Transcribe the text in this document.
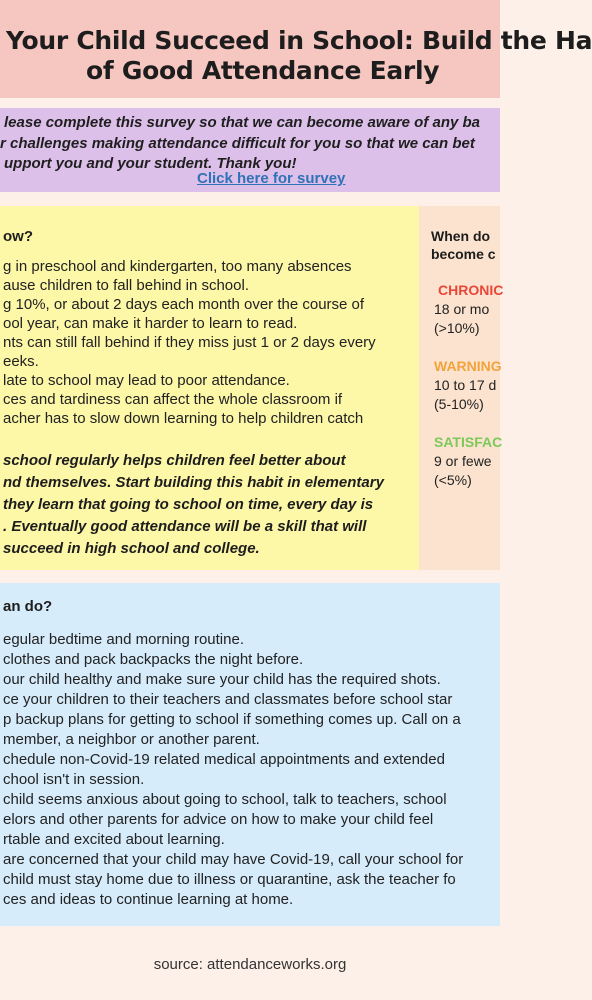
Your Child Succeed in School: Build the Ha
of Good Attendance Early
lease complete this survey so that we can become aware of any ba
r challenges making attendance difficult for you so that we can bet
upport you and your student. Thank you!
Click here for survey
ow?
g in preschool and kindergarten, too many absences
ause children to fall behind in school.
g 10%, or about 2 days each month over the course of
ool year, can make it harder to learn to read.
nts can still fall behind if they miss just 1 or 2 days every
eeks.
late to school may lead to poor attendance.
ces and tardiness can affect the whole classroom if
acher has to slow down learning to help children catch
school regularly helps children feel better about
nd themselves. Start building this habit in elementary
they learn that going to school on time, every day is
. Eventually good attendance will be a skill that will
succeed in high school and college.
When do
become c
CHRONIC
18 or mo
(>10%)
WARNING
10 to 17 d
(5-10%)
SATISFAC
9 or fewe
(<5%)
an do?
egular bedtime and morning routine.
clothes and pack backpacks the night before.
our child healthy and make sure your child has the required shots.
ce your children to their teachers and classmates before school star
p backup plans for getting to school if something comes up. Call on a
member, a neighbor or another parent.
chedule non-Covid-19 related medical appointments and extended
chool isn't in session.
child seems anxious about going to school, talk to teachers, school
elors and other parents for advice on how to make your child feel
rtable and excited about learning.
are concerned that your child may have Covid-19, call your school for
child must stay home due to illness or quarantine, ask the teacher fo
ces and ideas to continue learning at home.
source: attendanceworks.org
